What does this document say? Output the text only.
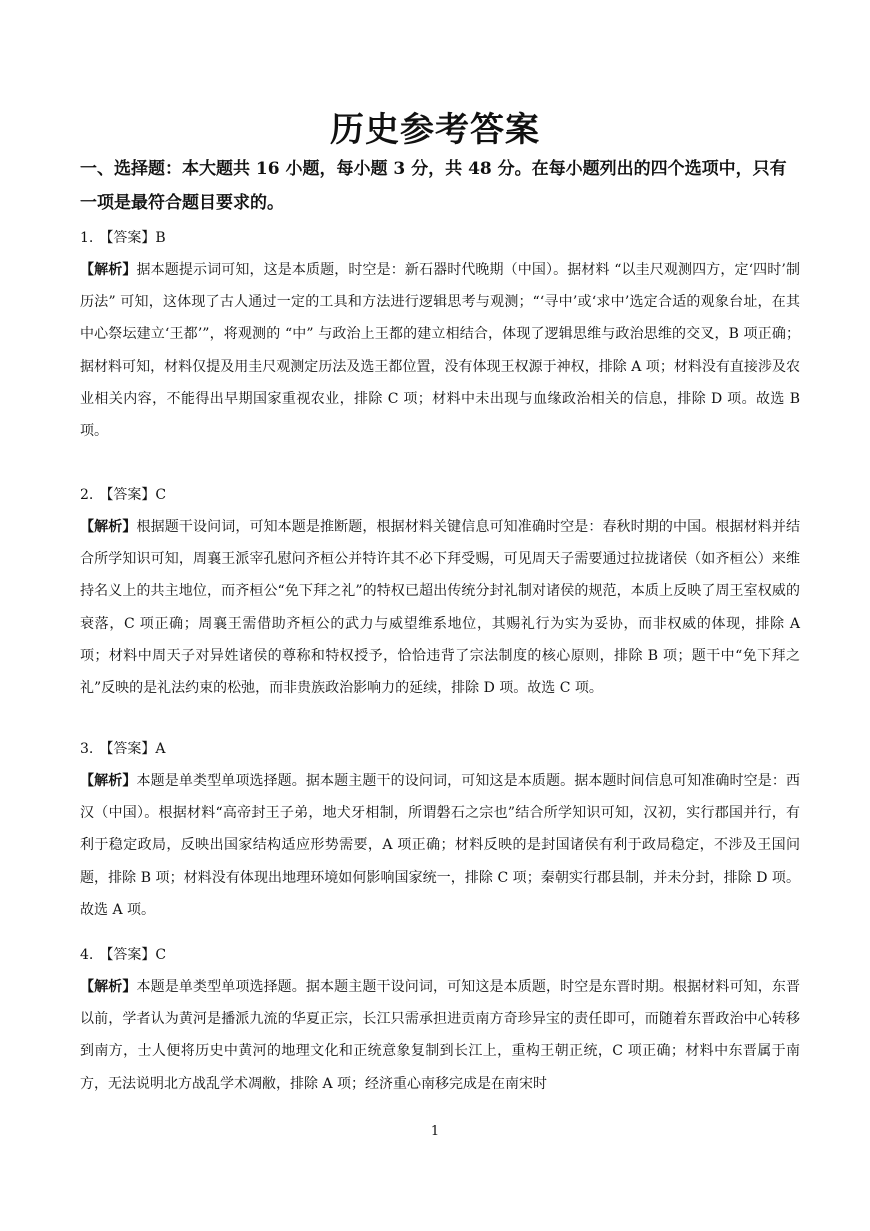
历史参考答案
一、选择题：本大题共 16 小题，每小题 3 分，共 48 分。在每小题列出的四个选项中，只有一项是最符合题目要求的。
1. 【答案】B
【解析】据本题提示词可知，这是本质题，时空是：新石器时代晚期（中国）。据材料 “以圭尺观测四方，定‘四时’制历法” 可知，这体现了古人通过一定的工具和方法进行逻辑思考与观测；“‘寻中’或‘求中’选定合适的观象台址，在其中心祭坛建立‘王都’”，将观测的 “中” 与政治上王都的建立相结合，体现了逻辑思维与政治思维的交叉，B 项正确；据材料可知，材料仅提及用圭尺观测定历法及选王都位置，没有体现王权源于神权，排除 A 项；材料没有直接涉及农业相关内容，不能得出早期国家重视农业，排除 C 项；材料中未出现与血缘政治相关的信息，排除 D 项。故选 B 项。
2. 【答案】C
【解析】根据题干设问词，可知本题是推断题，根据材料关键信息可知准确时空是：春秋时期的中国。根据材料并结合所学知识可知，周襄王派宰孔慰问齐桓公并特许其不必下拜受赐，可见周天子需要通过拉拢诸侯（如齐桓公）来维持名义上的共主地位，而齐桓公“免下拜之礼”的特权已超出传统分封礼制对诸侯的规范，本质上反映了周王室权威的衰落，C 项正确；周襄王需借助齐桓公的武力与威望维系地位，其赐礼行为实为妥协，而非权威的体现，排除 A 项；材料中周天子对异姓诸侯的尊称和特权授予，恰恰违背了宗法制度的核心原则，排除 B 项；题干中“免下拜之礼”反映的是礼法约束的松弛，而非贵族政治影响力的延续，排除 D 项。故选 C 项。
3. 【答案】A
【解析】本题是单类型单项选择题。据本题主题干的设问词，可知这是本质题。据本题时间信息可知准确时空是：西汉（中国）。根据材料“高帝封王子弟，地犬牙相制，所谓磐石之宗也”结合所学知识可知，汉初，实行郡国并行，有利于稳定政局，反映出国家结构适应形势需要，A 项正确；材料反映的是封国诸侯有利于政局稳定，不涉及王国问题，排除 B 项；材料没有体现出地理环境如何影响国家统一，排除 C 项；秦朝实行郡县制，并未分封，排除 D 项。故选 A 项。
4. 【答案】C
【解析】本题是单类型单项选择题。据本题主题干设问词，可知这是本质题，时空是东晋时期。根据材料可知，东晋以前，学者认为黄河是播派九流的华夏正宗，长江只需承担进贡南方奇珍异宝的责任即可，而随着东晋政治中心转移到南方，士人便将历史中黄河的地理文化和正统意象复制到长江上，重构王朝正统，C 项正确；材料中东晋属于南方，无法说明北方战乱学术凋敝，排除 A 项；经济重心南移完成是在南宋时
1
